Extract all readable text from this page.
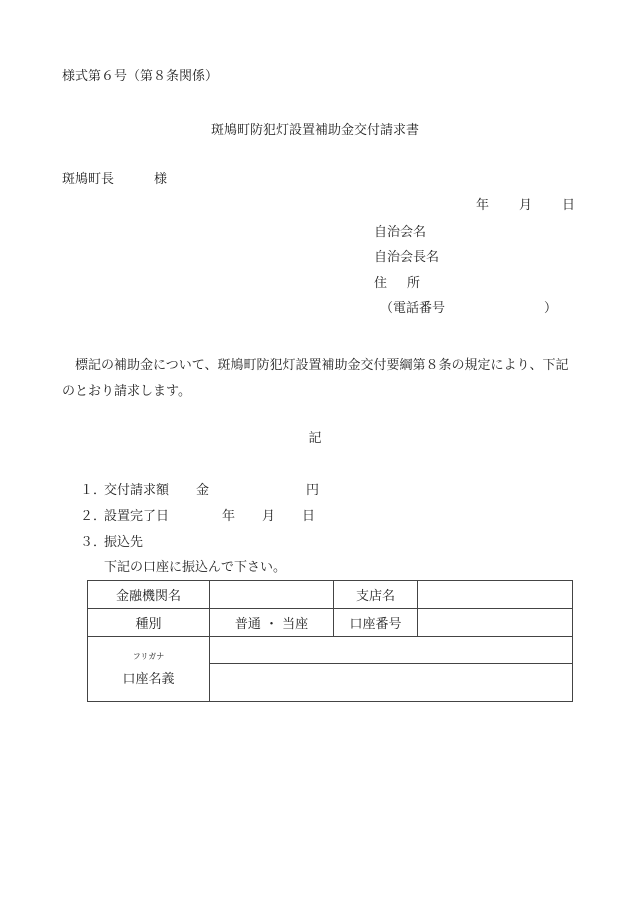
様式第６号（第８条関係）
斑鳩町防犯灯設置補助金交付請求書
斑鳩町長	様
年 月 日
自治会名
自治会長名
住 所
（電話番号	）
標記の補助金について、斑鳩町防犯灯設置補助金交付要綱第８条の規定により、下記のとおり請求します。
記
１．交付請求額 金	円
２．設置完了日	年 月 日
３．振込先
下記の口座に振込んで下さい。
金融機関名		支店名	
種別	普通 ・ 当座	口座番号	

フリガナ
口座名義			
